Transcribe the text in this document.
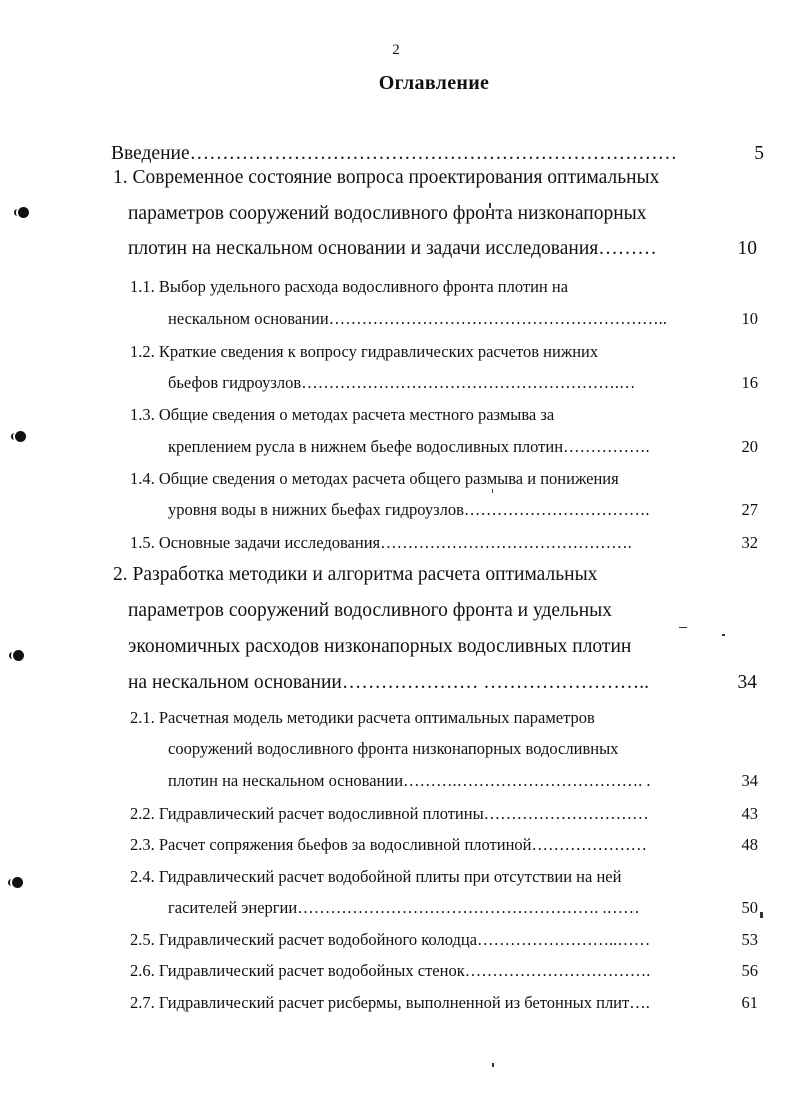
2
Оглавление
Введение…………………………………………………………………	5
1. Современное состояние вопроса проектирования оптимальных
параметров сооружений водосливного фронта низконапорных
плотин на нескальном основании и задачи исследования………	10
1.1. Выбор удельного расхода водосливного фронта плотин на
нескальном основании……………………………………………………..	10
1.2. Краткие сведения к вопросу гидравлических расчетов нижних
бьефов гидроузлов………………………………………………….…	16
1.3. Общие сведения о методах расчета местного размыва за
креплением русла в нижнем бьефе водосливных плотин…………….	20
1.4. Общие сведения о методах расчета общего размыва и понижения
уровня воды в нижних бьефах гидроузлов…………………………….	27
1.5. Основные задачи исследования……………………………………….	32
2. Разработка методики и алгоритма расчета оптимальных
параметров сооружений водосливного фронта и удельных
экономичных расходов низконапорных водосливных плотин
на нескальном основании………………… ……………………..	34
2.1. Расчетная модель методики расчета оптимальных параметров
сооружений водосливного фронта низконапорных водосливных
плотин на нескальном основании……….……………………………. .	34
2.2. Гидравлический расчет водосливной плотины…………………………	43
2.3. Расчет сопряжения бьефов за водосливной плотиной…………………	48
2.4. Гидравлический расчет водобойной плиты при отсутствии на ней
гасителей энергии………………………………………………. .……	50
2.5. Гидравлический расчет водобойного колодца……………………..……	53
2.6. Гидравлический расчет водобойных стенок…………………………….	56
2.7. Гидравлический расчет рисбермы, выполненной из бетонных плит….	61
